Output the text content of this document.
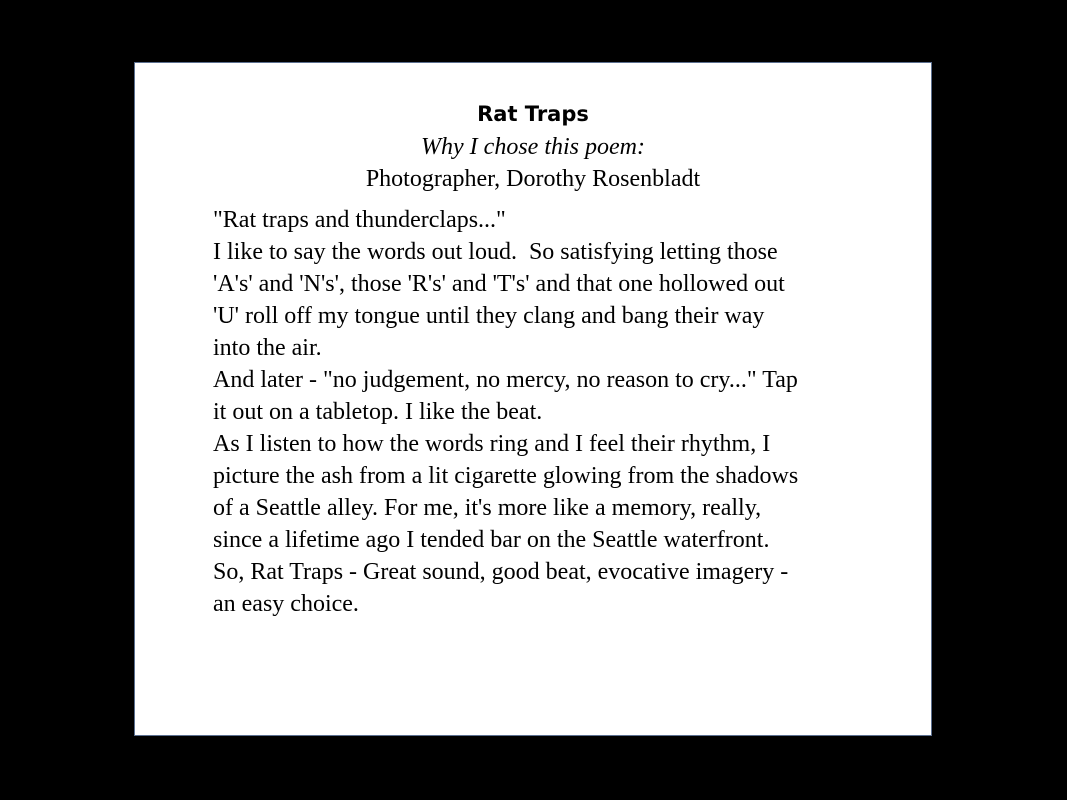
Rat Traps
Why I chose this poem:
Photographer, Dorothy Rosenbladt
"Rat traps and thunderclaps..."
I like to say the words out loud.  So satisfying letting those
'A's' and 'N's', those 'R's' and 'T's' and that one hollowed out
'U' roll off my tongue until they clang and bang their way
into the air.
And later - "no judgement, no mercy, no reason to cry..." Tap
it out on a tabletop. I like the beat.
As I listen to how the words ring and I feel their rhythm, I
picture the ash from a lit cigarette glowing from the shadows
of a Seattle alley. For me, it's more like a memory, really,
since a lifetime ago I tended bar on the Seattle waterfront.
So, Rat Traps - Great sound, good beat, evocative imagery -
an easy choice.
